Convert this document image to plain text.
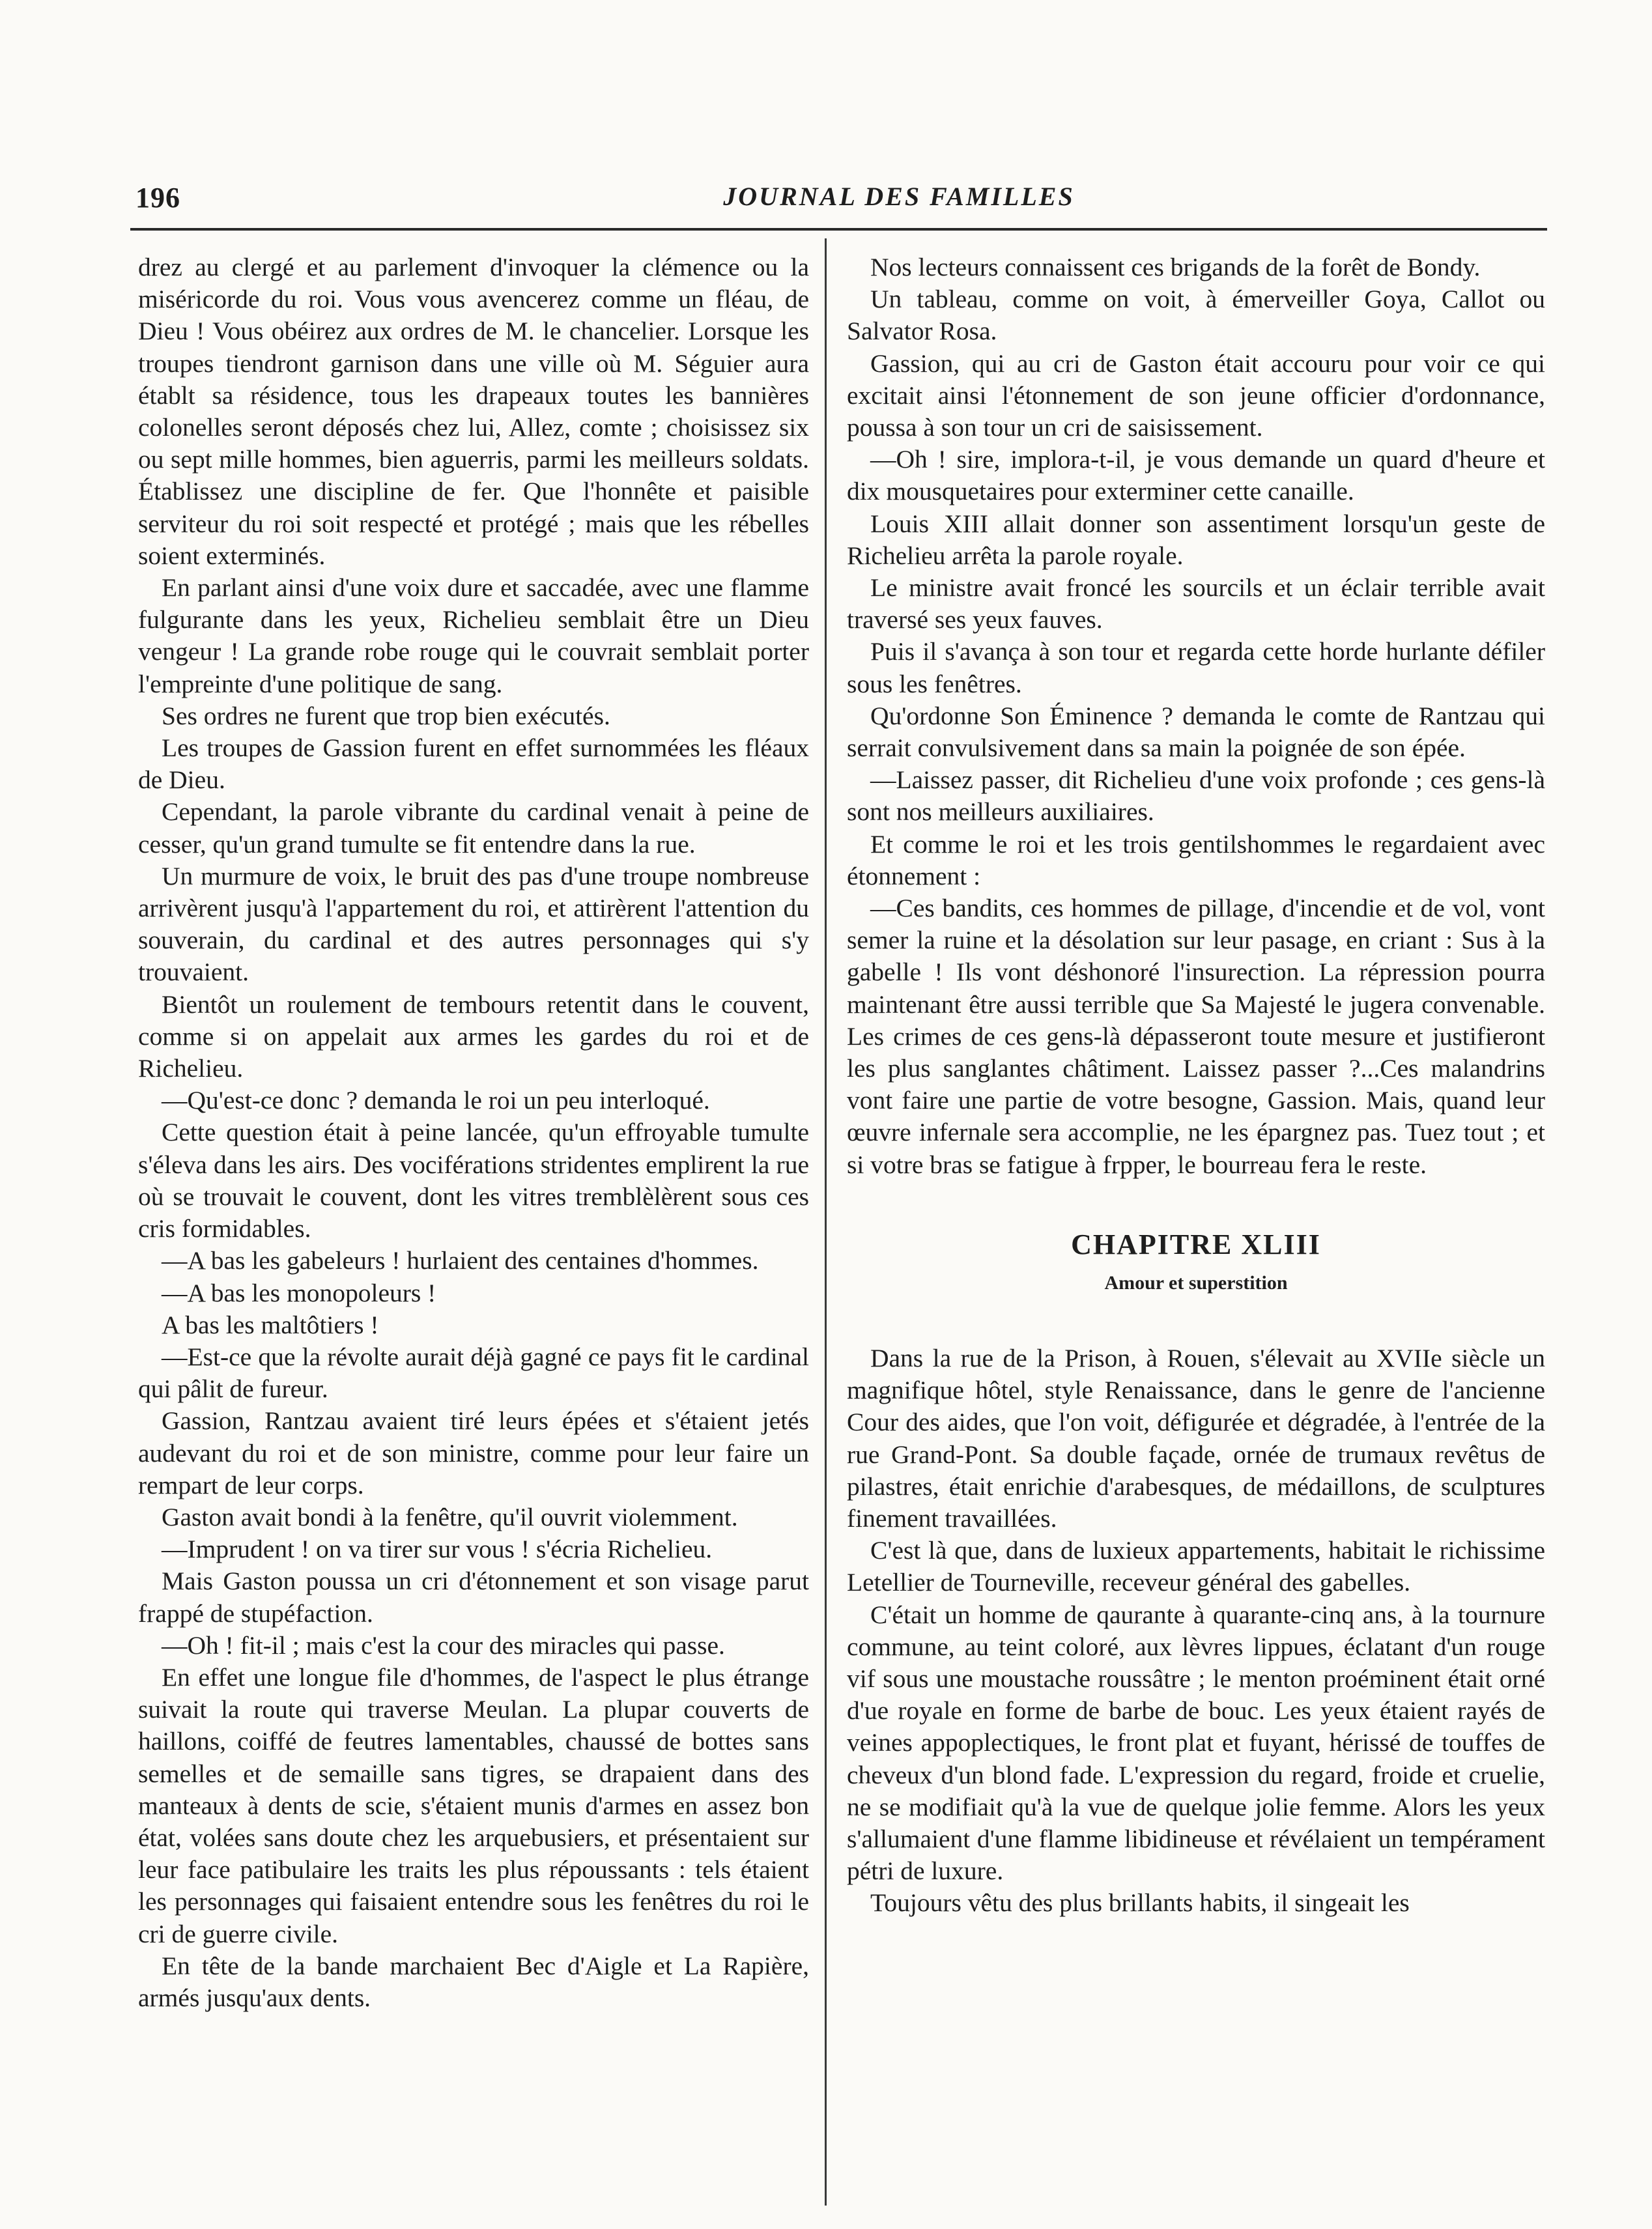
196	JOURNAL DES FAMILLES

drez au clergé et au parlement d'invoquer la clémence ou la miséricorde du roi. Vous vous avencerez comme un fléau, de Dieu ! Vous obéirez aux ordres de M. le chancelier. Lorsque les troupes tiendront garnison dans une ville où M. Séguier aura établt sa résidence, tous les drapeaux toutes les bannières colonelles seront déposés chez lui, Allez, comte ; choisissez six ou sept mille hommes, bien aguerris, parmi les meilleurs soldats. Établissez une discipline de fer. Que l'honnête et paisible serviteur du roi soit respecté et protégé ; mais que les rébelles soient exterminés.

En parlant ainsi d'une voix dure et saccadée, avec une flamme fulgurante dans les yeux, Richelieu semblait être un Dieu vengeur ! La grande robe rouge qui le couvrait semblait porter l'empreinte d'une politique de sang.

Ses ordres ne furent que trop bien exécutés.

Les troupes de Gassion furent en effet surnommées les fléaux de Dieu.

Cependant, la parole vibrante du cardinal venait à peine de cesser, qu'un grand tumulte se fit entendre dans la rue.

Un murmure de voix, le bruit des pas d'une troupe nombreuse arrivèrent jusqu'à l'appartement du roi, et attirèrent l'attention du souverain, du cardinal et des autres personnages qui s'y trouvaient.

Bientôt un roulement de tembours retentit dans le couvent, comme si on appelait aux armes les gardes du roi et de Richelieu.

—Qu'est-ce donc ? demanda le roi un peu interloqué.

Cette question était à peine lancée, qu'un effroyable tumulte s'éleva dans les airs. Des vociférations stridentes emplirent la rue où se trouvait le couvent, dont les vitres tremblèlèrent sous ces cris formidables.

—A bas les gabeleurs ! hurlaient des centaines d'hommes.

—A bas les monopoleurs !

A bas les maltôtiers !

—Est-ce que la révolte aurait déjà gagné ce pays fit le cardinal qui pâlit de fureur.

Gassion, Rantzau avaient tiré leurs épées et s'étaient jetés audevant du roi et de son ministre, comme pour leur faire un rempart de leur corps.

Gaston avait bondi à la fenêtre, qu'il ouvrit violemment.

—Imprudent ! on va tirer sur vous ! s'écria Richelieu.

Mais Gaston poussa un cri d'étonnement et son visage parut frappé de stupéfaction.

—Oh ! fit-il ; mais c'est la cour des miracles qui passe.

En effet une longue file d'hommes, de l'aspect le plus étrange suivait la route qui traverse Meulan. La plupar couverts de haillons, coiffé de feutres lamentables, chaussé de bottes sans semelles et de semaille sans tigres, se drapaient dans des manteaux à dents de scie, s'étaient munis d'armes en assez bon état, volées sans doute chez les arquebusiers, et présentaient sur leur face patibulaire les traits les plus répoussants : tels étaient les personnages qui faisaient entendre sous les fenêtres du roi le cri de guerre civile.

En tête de la bande marchaient Bec d'Aigle et La Rapière, armés jusqu'aux dents.

Nos lecteurs connaissent ces brigands de la forêt de Bondy.

Un tableau, comme on voit, à émerveiller Goya, Callot ou Salvator Rosa.

Gassion, qui au cri de Gaston était accouru pour voir ce qui excitait ainsi l'étonnement de son jeune officier d'ordonnance, poussa à son tour un cri de saisissement.

—Oh ! sire, implora-t-il, je vous demande un quard d'heure et dix mousquetaires pour exterminer cette canaille.

Louis XIII allait donner son assentiment lorsqu'un geste de Richelieu arrêta la parole royale.

Le ministre avait froncé les sourcils et un éclair terrible avait traversé ses yeux fauves.

Puis il s'avança à son tour et regarda cette horde hurlante défiler sous les fenêtres.

Qu'ordonne Son Éminence ? demanda le comte de Rantzau qui serrait convulsivement dans sa main la poignée de son épée.

—Laissez passer, dit Richelieu d'une voix profonde ; ces gens-là sont nos meilleurs auxiliaires.

Et comme le roi et les trois gentilshommes le regardaient avec étonnement :

—Ces bandits, ces hommes de pillage, d'incendie et de vol, vont semer la ruine et la désolation sur leur pasage, en criant : Sus à la gabelle ! Ils vont déshonoré l'insurection. La répression pourra maintenant être aussi terrible que Sa Majesté le jugera convenable. Les crimes de ces gens-là dépasseront toute mesure et justifieront les plus sanglantes châtiment. Laissez passer ?...Ces malandrins vont faire une partie de votre besogne, Gassion. Mais, quand leur œuvre infernale sera accomplie, ne les épargnez pas. Tuez tout ; et si votre bras se fatigue à frpper, le bourreau fera le reste.

CHAPITRE XLIII
Amour et superstition

Dans la rue de la Prison, à Rouen, s'élevait au XVIIe siècle un magnifique hôtel, style Renaissance, dans le genre de l'ancienne Cour des aides, que l'on voit, défigurée et dégradée, à l'entrée de la rue Grand-Pont. Sa double façade, ornée de trumaux revêtus de pilastres, était enrichie d'arabesques, de médaillons, de sculptures finement travaillées.

C'est là que, dans de luxieux appartements, habitait le richissime Letellier de Tourneville, receveur général des gabelles.

C'était un homme de qaurante à quarante-cinq ans, à la tournure commune, au teint coloré, aux lèvres lippues, éclatant d'un rouge vif sous une moustache roussâtre ; le menton proéminent était orné d'ue royale en forme de barbe de bouc. Les yeux étaient rayés de veines appoplectiques, le front plat et fuyant, hérissé de touffes de cheveux d'un blond fade. L'expression du regard, froide et cruelie, ne se modifiait qu'à la vue de quelque jolie femme. Alors les yeux s'allumaient d'une flamme libidineuse et révélaient un tempérament pétri de luxure.

Toujours vêtu des plus brillants habits, il singeait les
